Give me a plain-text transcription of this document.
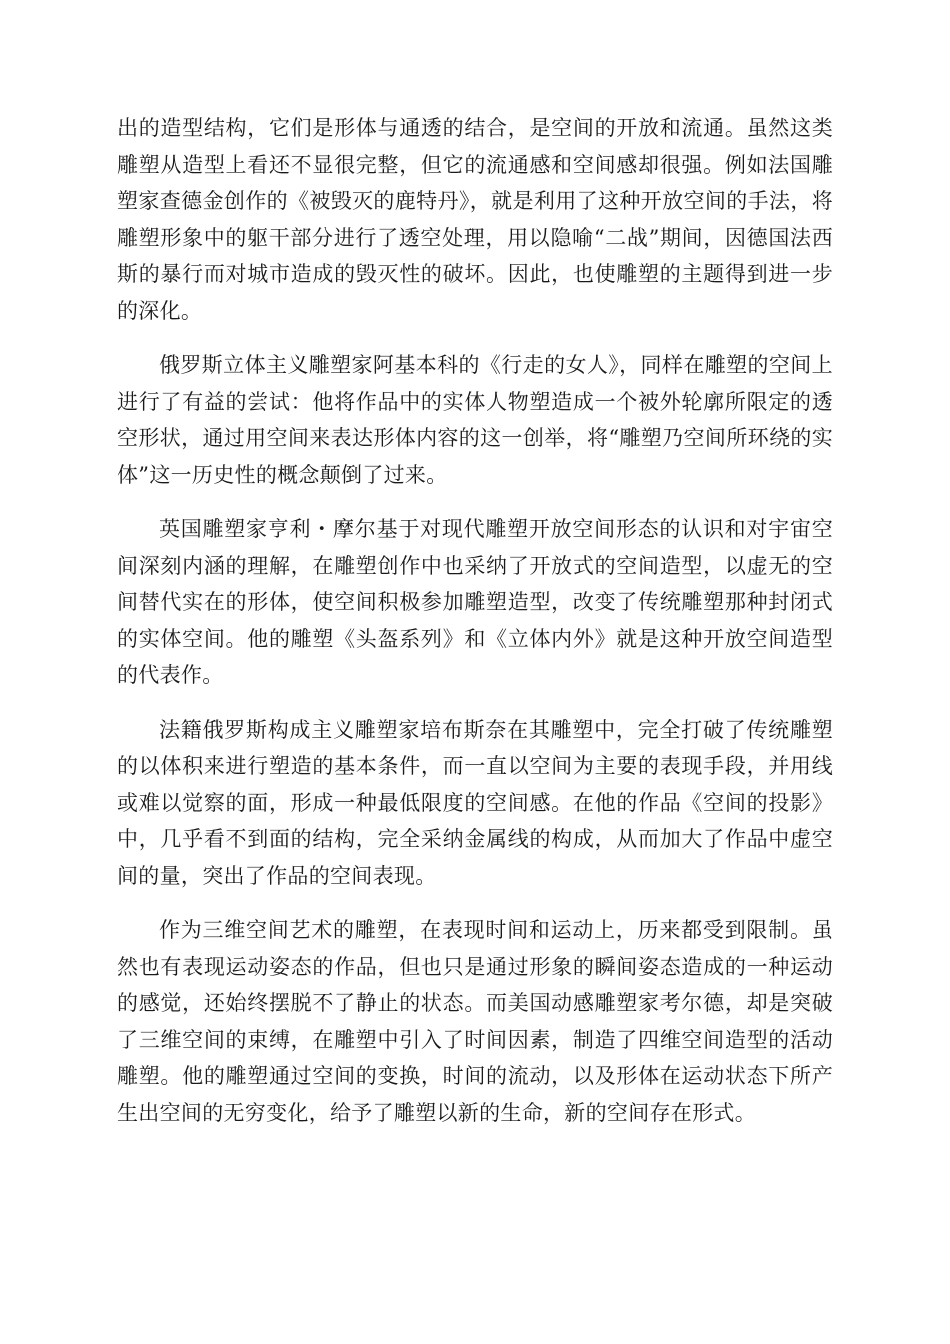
出的造型结构，它们是形体与通透的结合，是空间的开放和流通。虽然这类雕塑从造型上看还不显很完整，但它的流通感和空间感却很强。例如法国雕塑家查德金创作的《被毁灭的鹿特丹》，就是利用了这种开放空间的手法，将雕塑形象中的躯干部分进行了透空处理，用以隐喻“二战”期间，因德国法西斯的暴行而对城市造成的毁灭性的破坏。因此，也使雕塑的主题得到进一步的深化。

俄罗斯立体主义雕塑家阿基本科的《行走的女人》，同样在雕塑的空间上进行了有益的尝试：他将作品中的实体人物塑造成一个被外轮廓所限定的透空形状，通过用空间来表达形体内容的这一创举，将“雕塑乃空间所环绕的实体”这一历史性的概念颠倒了过来。

英国雕塑家亨利・摩尔基于对现代雕塑开放空间形态的认识和对宇宙空间深刻内涵的理解，在雕塑创作中也采纳了开放式的空间造型，以虚无的空间替代实在的形体，使空间积极参加雕塑造型，改变了传统雕塑那种封闭式的实体空间。他的雕塑《头盔系列》和《立体内外》就是这种开放空间造型的代表作。

法籍俄罗斯构成主义雕塑家培布斯奈在其雕塑中，完全打破了传统雕塑的以体积来进行塑造的基本条件，而一直以空间为主要的表现手段，并用线或难以觉察的面，形成一种最低限度的空间感。在他的作品《空间的投影》中，几乎看不到面的结构，完全采纳金属线的构成，从而加大了作品中虚空间的量，突出了作品的空间表现。

作为三维空间艺术的雕塑，在表现时间和运动上，历来都受到限制。虽然也有表现运动姿态的作品，但也只是通过形象的瞬间姿态造成的一种运动的感觉，还始终摆脱不了静止的状态。而美国动感雕塑家考尔德，却是突破了三维空间的束缚，在雕塑中引入了时间因素，制造了四维空间造型的活动雕塑。他的雕塑通过空间的变换，时间的流动，以及形体在运动状态下所产生出空间的无穷变化，给予了雕塑以新的生命，新的空间存在形式。
